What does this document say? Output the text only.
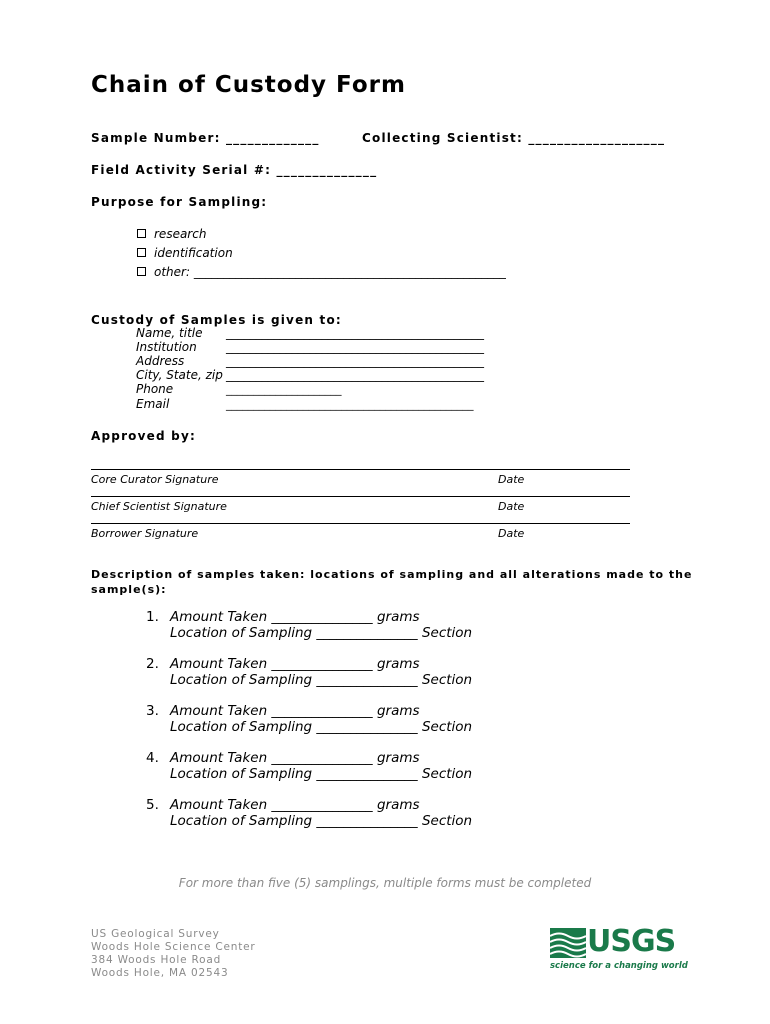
Chain of Custody Form
Sample Number: _____________	Collecting Scientist: ___________________
Field Activity Serial #: ______________
Purpose for Sampling:
research
identification
other: ____________________________________________________
Custody of Samples is given to:
Name, title ___________________________________________
Institution ___________________________________________
Address	___________________________________________
City, State, zip ___________________________________________
Phone	_____________________
Email	_____________________________________________
Approved by:
Core Curator Signature	Date
Chief Scientist Signature	Date
Borrower Signature	Date
Description of samples taken: locations of sampling and all alterations made to the
sample(s):
1. Amount Taken _______________ grams
Location of Sampling _______________ Section
2. Amount Taken _______________ grams
Location of Sampling _______________ Section
3. Amount Taken _______________ grams
Location of Sampling _______________ Section
4. Amount Taken _______________ grams
Location of Sampling _______________ Section
5. Amount Taken _______________ grams
Location of Sampling _______________ Section
For more than five (5) samplings, multiple forms must be completed
US Geological Survey
Woods Hole Science Center
384 Woods Hole Road
Woods Hole, MA 02543
USGS
science for a changing world
